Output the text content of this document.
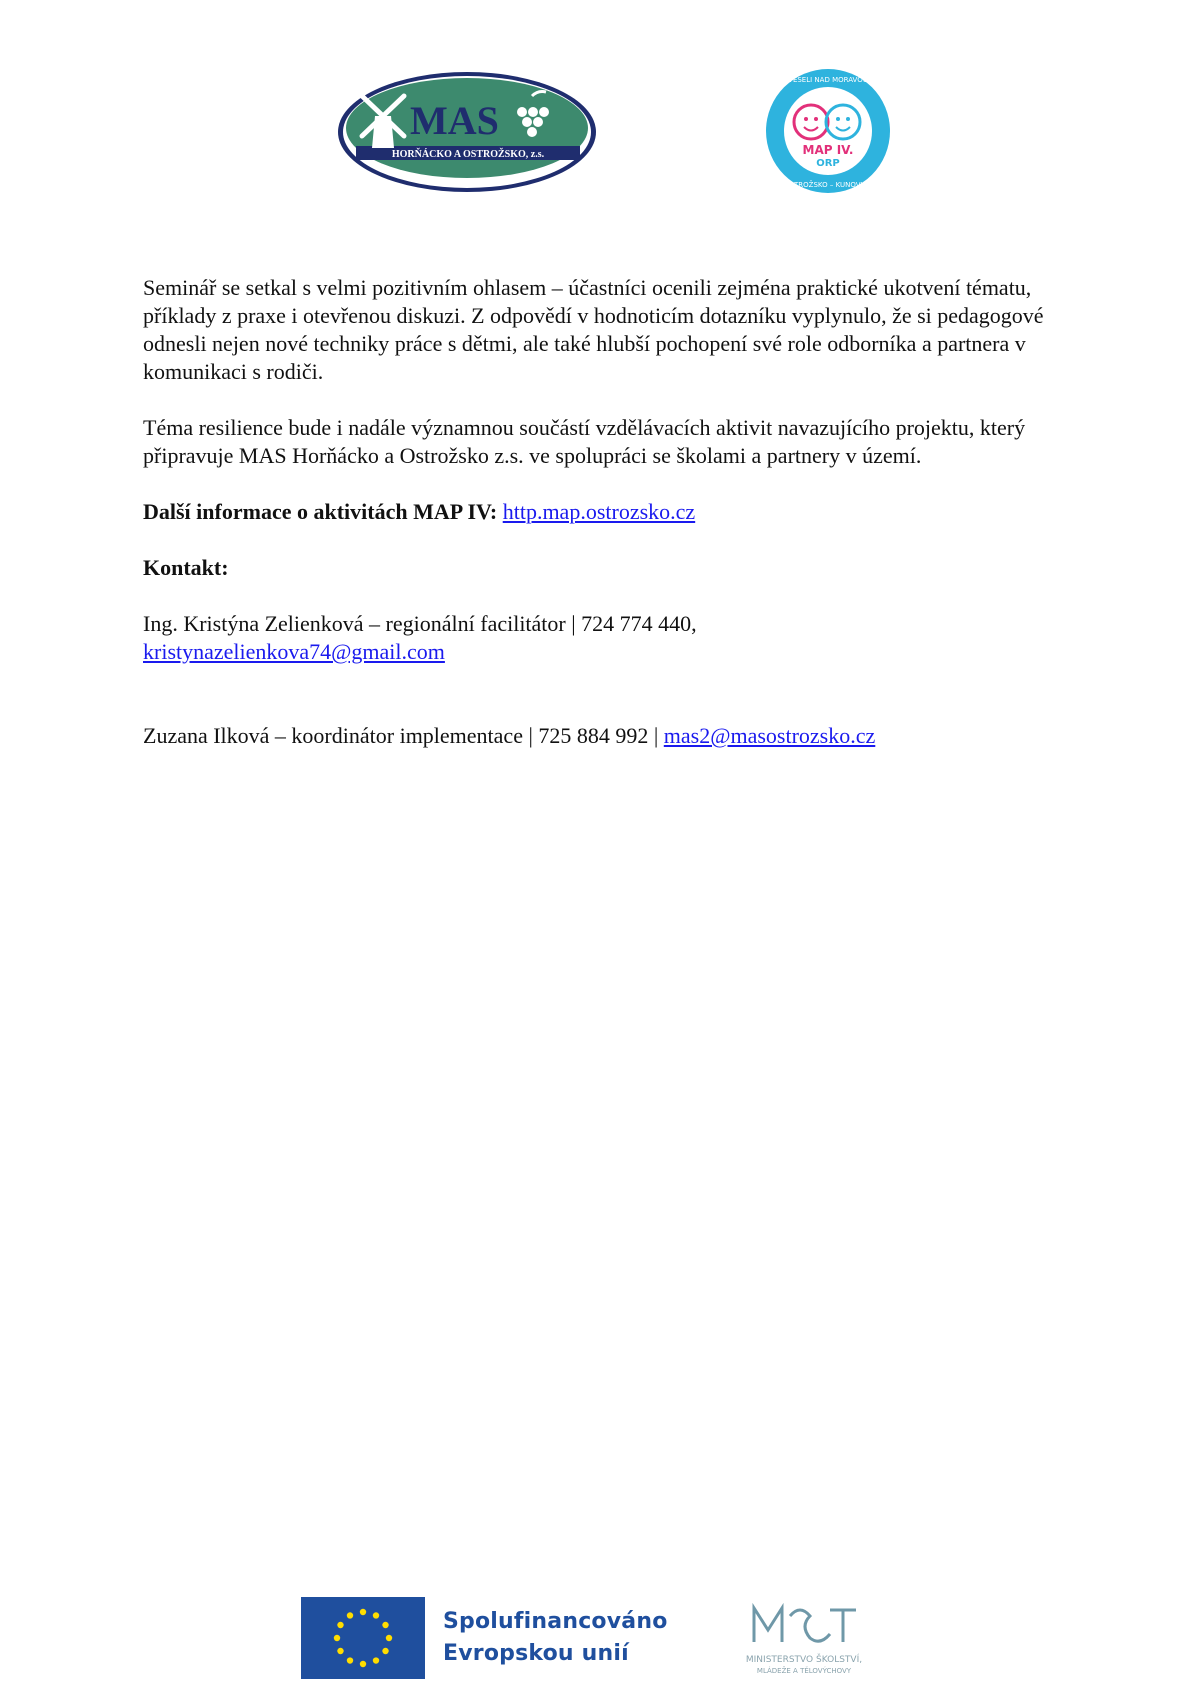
MAS
HORŇÁCKO A OSTROŽSKO, z.s.	MAP IV.
ORP
VESELI NAD MORAVOU
OSTROŽSKO – KUNOVICE

Seminář se setkal s velmi pozitivním ohlasem – účastníci ocenili zejména praktické ukotvení tématu, příklady z praxe i otevřenou diskuzi. Z odpovědí v hodnoticím dotazníku vyplynulo, že si pedagogové odnesli nejen nové techniky práce s dětmi, ale také hlubší pochopení své role odborníka a partnera v komunikaci s rodiči.

Téma resilience bude i nadále významnou součástí vzdělávacích aktivit navazujícího projektu, který připravuje MAS Horňácko a Ostrožsko z.s. ve spolupráci se školami a partnery v území.

Další informace o aktivitách MAP IV: http.map.ostrozsko.cz

Kontakt:

Ing. Kristýna Zelienková – regionální facilitátor | 724 774 440,
kristynazelienkova74@gmail.com

Zuzana Ilková – koordinátor implementace | 725 884 992 | mas2@masostrozsko.cz

Spolufinancováno
Evropskou unií	MINISTERSTVO ŠKOLSTVÍ,
MLÁDEŽE A TĚLOVÝCHOVY
